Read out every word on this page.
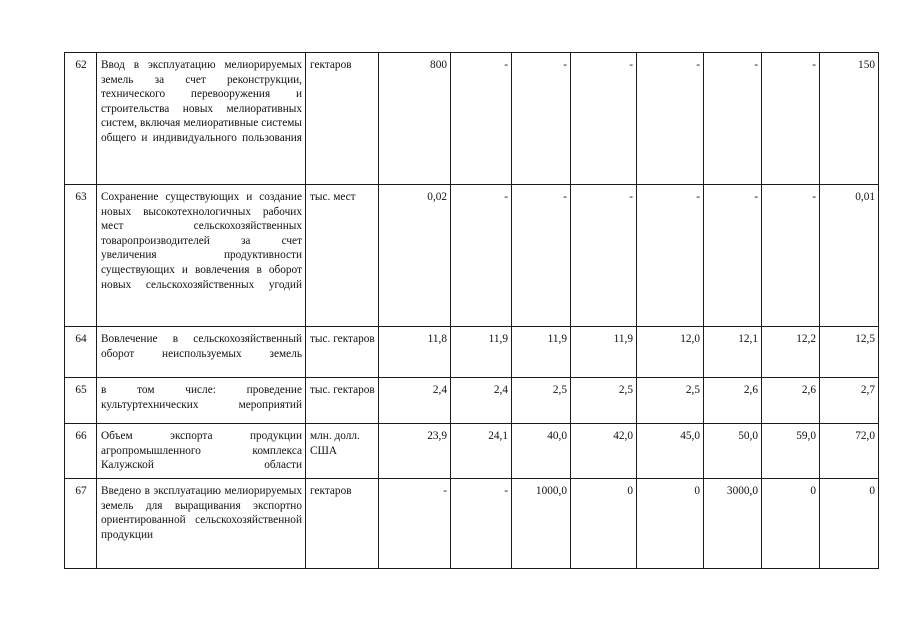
62	Ввод в эксплуатацию мелиорируемых земель за счет реконструкции, технического перевооружения и строительства новых мелиоративных систем, включая мелиоративные системы общего и индивидуального пользования	гектаров	800	-	-	-	-	-	-	150
63	Сохранение существующих и создание новых высокотехнологичных рабочих мест сельскохозяйственных товаропроизводителей за счет увеличения продуктивности существующих и вовлечения в оборот новых сельскохозяйственных угодий	тыс. мест	0,02	-	-	-	-	-	-	0,01
64	Вовлечение в сельскохозяйственный оборот неиспользуемых земель	тыс. гектаров	11,8	11,9	11,9	11,9	12,0	12,1	12,2	12,5
65	в том числе: проведение культуртехнических мероприятий	тыс. гектаров	2,4	2,4	2,5	2,5	2,5	2,6	2,6	2,7
66	Объем экспорта продукции агропромышленного комплекса Калужской области	млн. долл. США	23,9	24,1	40,0	42,0	45,0	50,0	59,0	72,0
67	Введено в эксплуатацию мелиорируемых земель для выращивания экспортно ориентированной сельскохозяйственной продукции	гектаров	-	-	1000,0	0	0	3000,0	0	0
